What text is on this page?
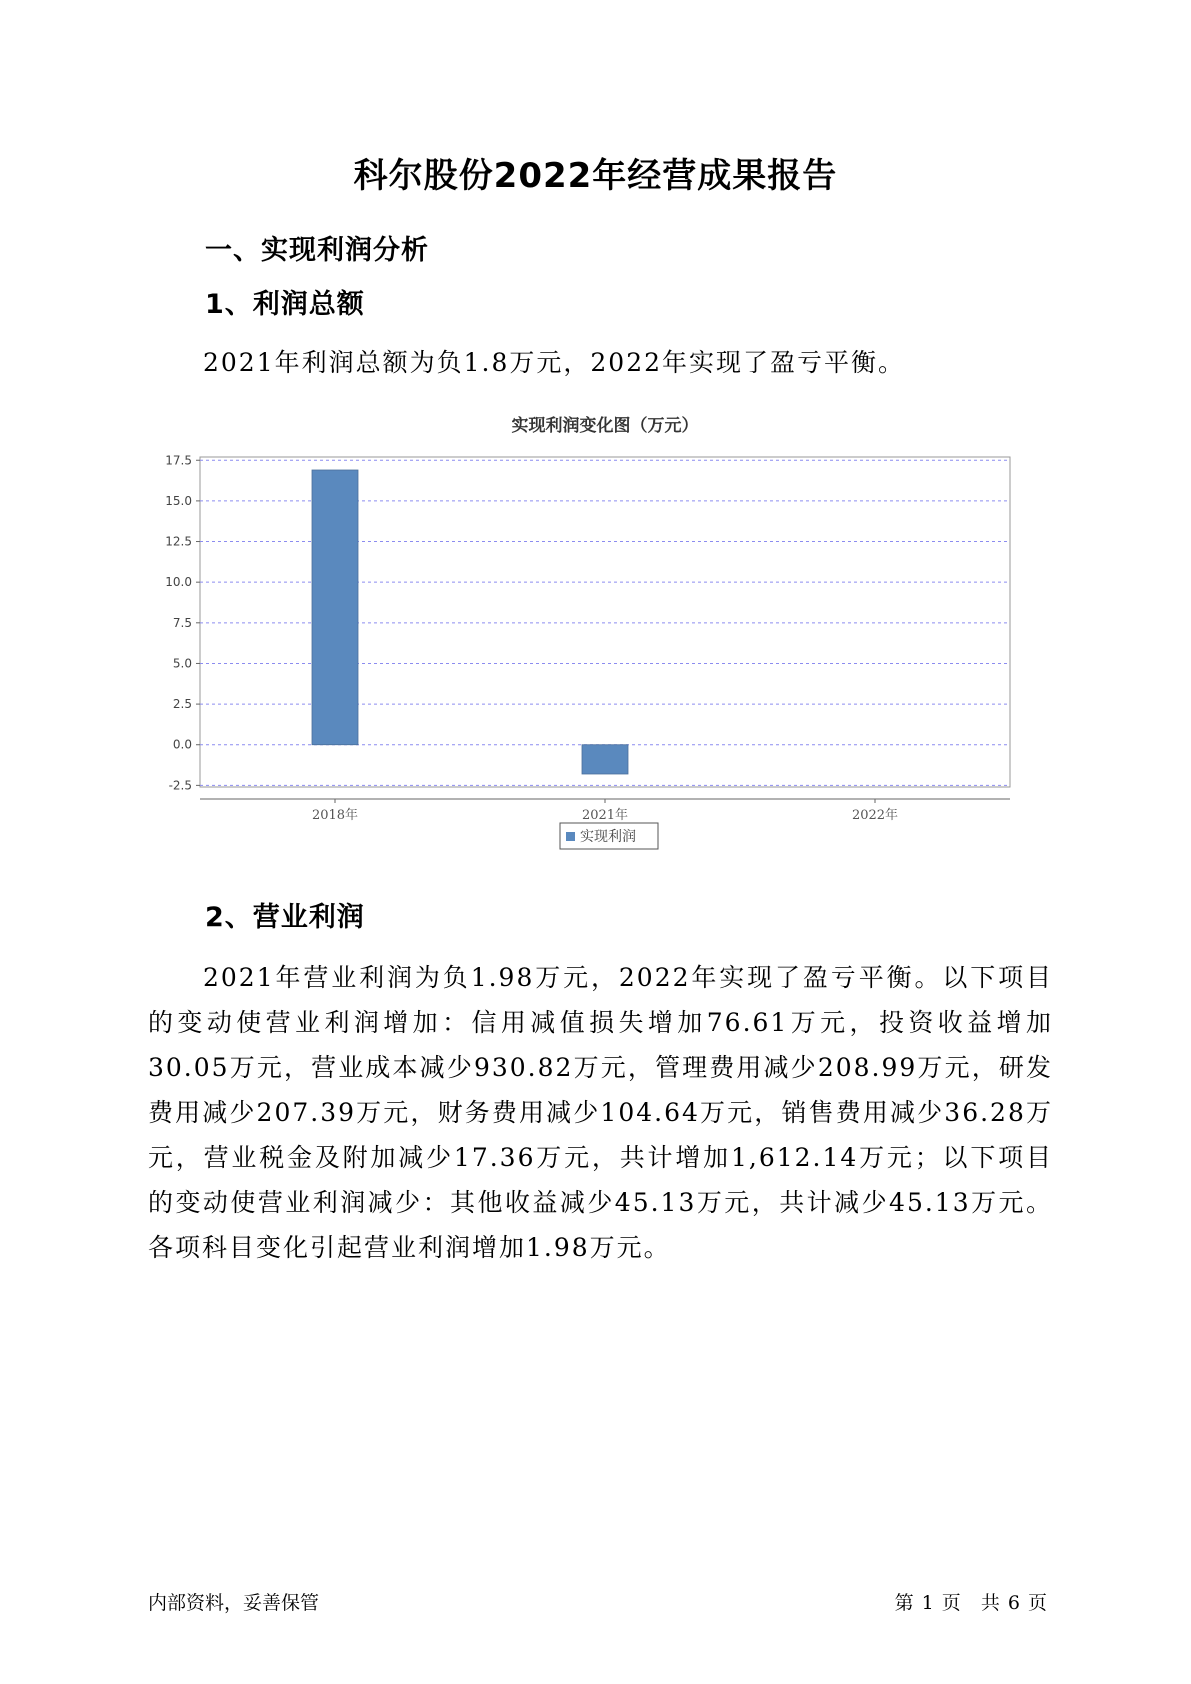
科尔股份2022年经营成果报告
一、实现利润分析
1、利润总额

2021年利润总额为负1.8万元，2022年实现了盈亏平衡。

实现利润变化图（万元）
-2.5
0.0
2.5
5.0
7.5
10.0
12.5
15.0
17.5
2018年	2021年	2022年
实现利润
2、营业利润

2021年营业利润为负1.98万元，2022年实现了盈亏平衡。以下项目的变动使营业利润增加：信用减值损失增加76.61万元，投资收益增加30.05万元，营业成本减少930.82万元，管理费用减少208.99万元，研发费用减少207.39万元，财务费用减少104.64万元，销售费用减少36.28万元，营业税金及附加减少17.36万元，共计增加1,612.14万元；以下项目的变动使营业利润减少：其他收益减少45.13万元，共计减少45.13万元。各项科目变化引起营业利润增加1.98万元。

内部资料，妥善保管	第 1 页 共 6 页
